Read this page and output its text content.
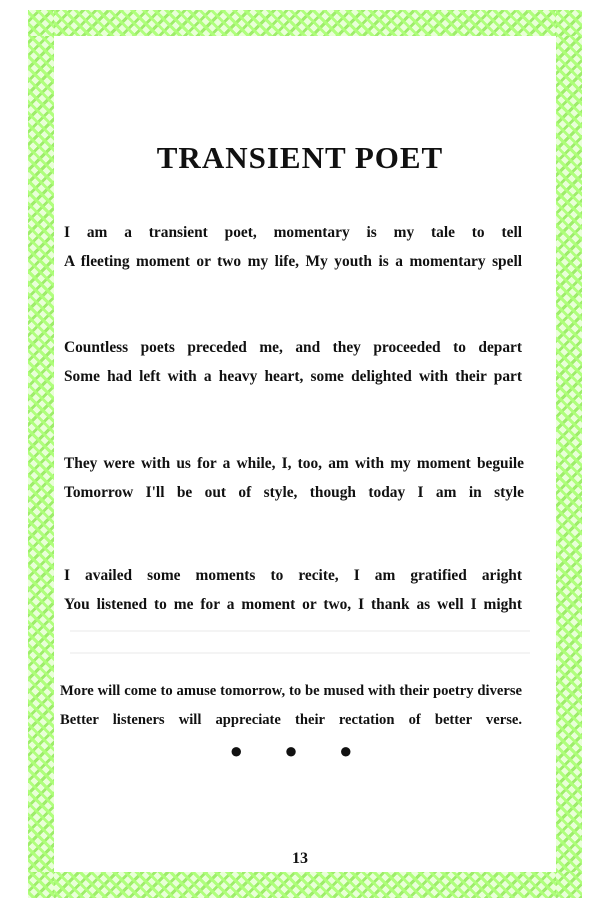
TRANSIENT POET
I am a transient poet, momentary is my tale to tell
A fleeting moment or two my life, My youth is a momentary spell
Countless poets preceded me, and they proceeded to depart
Some had left with a heavy heart, some delighted with their part
They were with us for a while, I, too, am with my moment beguile
Tomorrow I'll be out of style, though today I am in style
I availed some moments to recite, I am gratified aright
You listened to me for a moment or two, I thank as well I might
More will come to amuse tomorrow, to be mused with their poetry diverse
Better listeners will appreciate their rectation of better verse.
● ● ●
13
